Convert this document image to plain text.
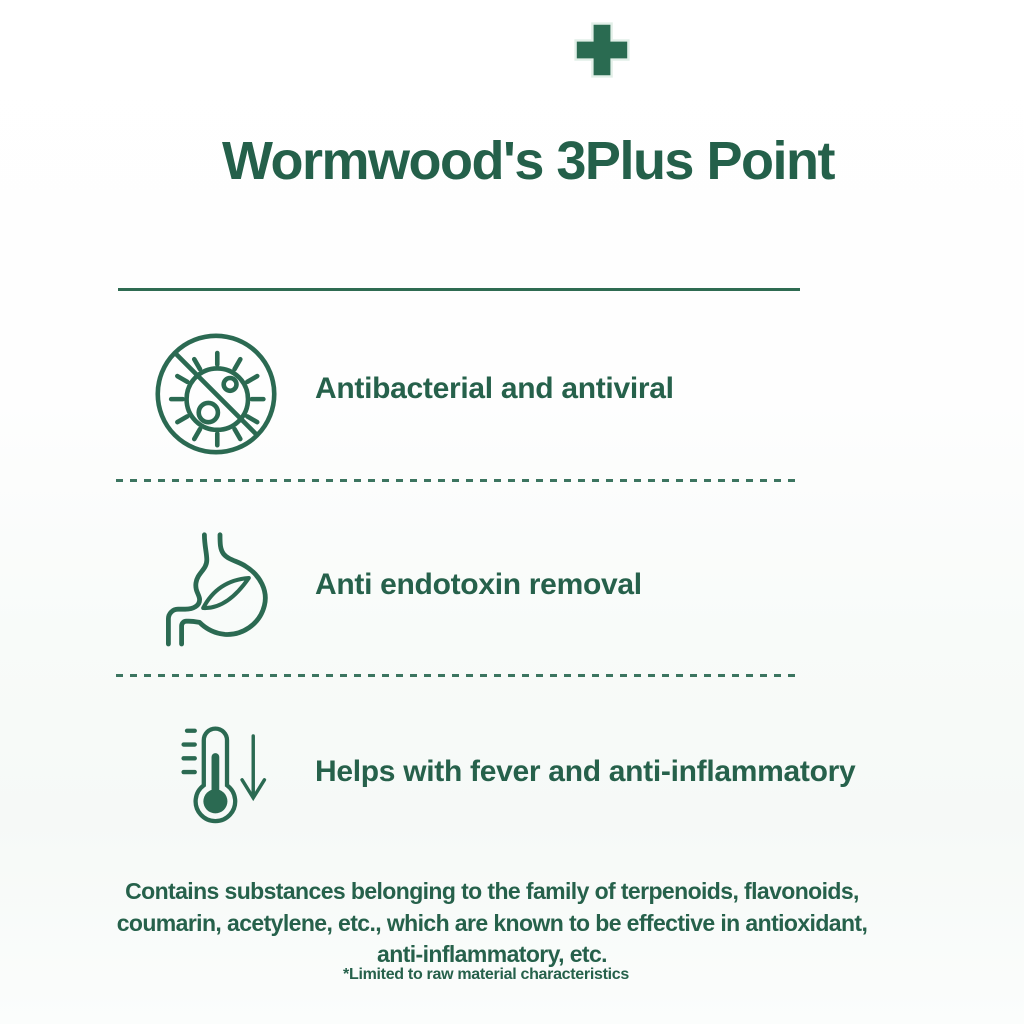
Wormwood's 3Plus Point
Antibacterial and antiviral
Anti endotoxin removal
Helps with fever and anti-inflammatory
Contains substances belonging to the family of terpenoids, flavonoids,
coumarin, acetylene, etc., which are known to be effective in antioxidant,
anti-inflammatory, etc.
*Limited to raw material characteristics
